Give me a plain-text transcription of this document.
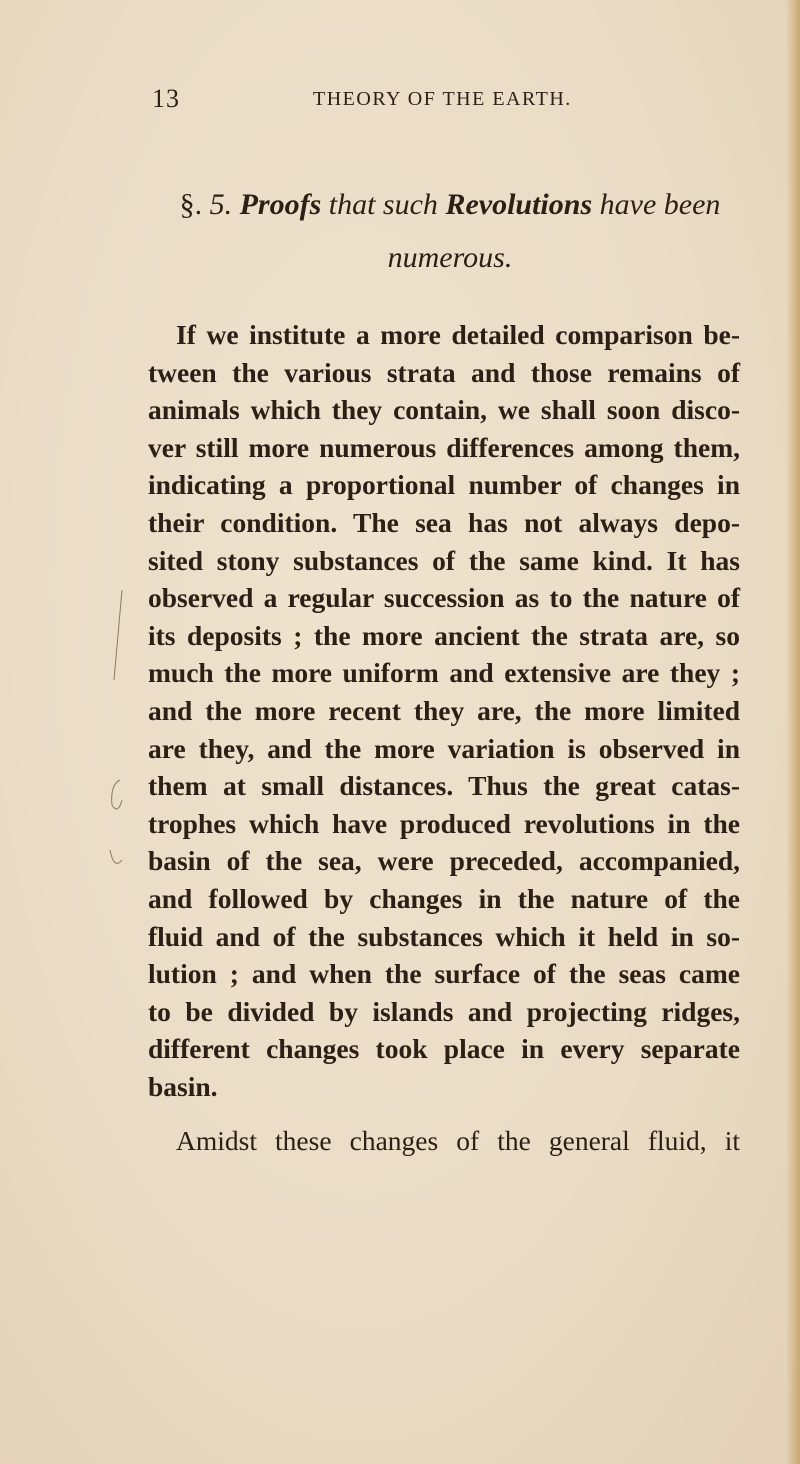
13	THEORY OF THE EARTH.
§. 5. Proofs that such Revolutions have been
numerous.
If we institute a more detailed comparison be-
tween the various strata and those remains of
animals which they contain, we shall soon disco-
ver still more numerous differences among them,
indicating a proportional number of changes in
their condition. The sea has not always depo-
sited stony substances of the same kind. It has
observed a regular succession as to the nature of
its deposits ; the more ancient the strata are, so
much the more uniform and extensive are they ;
and the more recent they are, the more limited
are they, and the more variation is observed in
them at small distances. Thus the great catas-
trophes which have produced revolutions in the
basin of the sea, were preceded, accompanied,
and followed by changes in the nature of the
fluid and of the substances which it held in so-
lution ; and when the surface of the seas came
to be divided by islands and projecting ridges,
different changes took place in every separate
basin.
Amidst these changes of the general fluid, it
